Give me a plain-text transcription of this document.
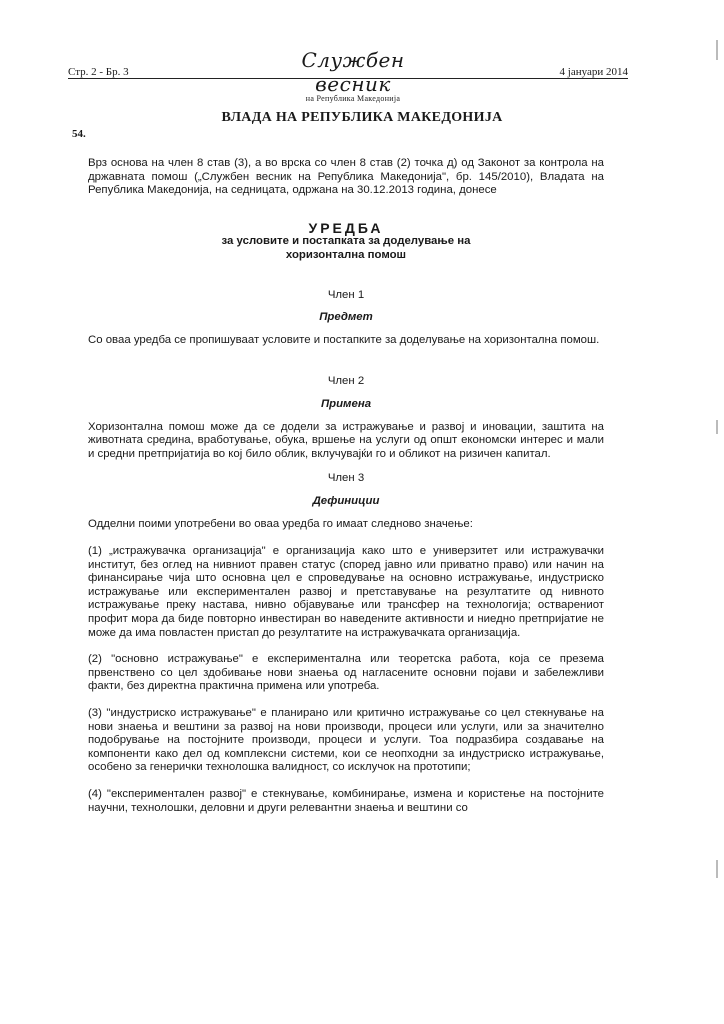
Стр. 2 - Бр. 3	Службен весник
на Република Македонија
4 јануари 2014
ВЛАДА НА РЕПУБЛИКА МАКЕДОНИЈА
54.

Врз основа на член 8 став (3), а во врска со член 8 став (2) точка д) од Законот за контрола на државната помош („Службен весник на Република Македонија", бр. 145/2010), Владата на Република Македонија, на седницата, одржана на 30.12.2013 година, донесе

УРЕДБА

за условите и постапката за доделување на

хоризонтална помош

Член 1

Предмет

Со оваа уредба се пропишуваат условите и постапките за доделување на хоризонтална помош.

Член 2

Примена

Хоризонтална помош може да се додели за истражување и развој и иновации, заштита на животната средина, вработување, обука, вршење на услуги од општ економски интерес и мали и средни претпријатија во кој било облик, вклучувајќи го и обликот на ризичен капитал.

Член 3

Дефиниции

Одделни поими употребени во оваа уредба го имаат следново значење:

(1) „истражувачка организација" е организација како што е универзитет или истражувачки институт, без оглед на нивниот правен статус (според јавно или приватно право) или начин на финансирање чија што основна цел е спроведување на основно истражување, индустриско истражување или експериментален развој и претставување на резултатите од нивното истражување преку настава, нивно објавување или трансфер на технологија; остварениот профит мора да биде повторно инвестиран во наведените активности и ниедно претпријатие не може да има повластен пристап до резултатите на истражувачката организација.

(2) "основно истражување" е експериментална или теоретска работа, која се презема првенствено со цел здобивање нови знаења од нагласените основни појави и забележливи факти, без директна практична примена или употреба.

(3) "индустриско истражување" е планирано или критично истражување со цел стекнување на нови знаења и вештини за развој на нови производи, процеси или услуги, или за значително подобрување на постојните производи, процеси и услуги. Тоа подразбира создавање на компоненти како дел од комплексни системи, кои се неопходни за индустриско истражување, особено за генерички технолошка валидност, со исклучок на прототипи;

(4) "експериментален развој" е стекнување, комбинирање, измена и користење на постојните научни, технолошки, деловни и други релевантни знаења и вештини со
